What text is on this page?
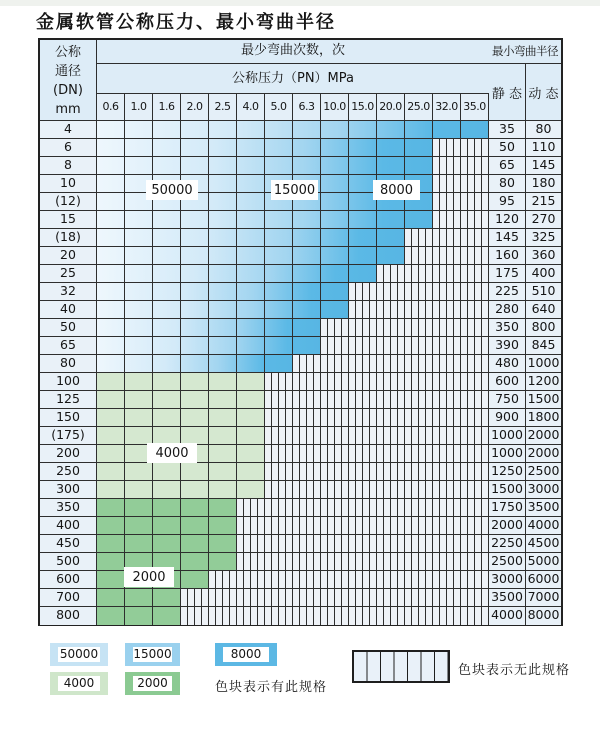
金属软管公称压力、最小弯曲半径
公称
通径
(DN)
mm
最少弯曲次数，次
公称压力（PN）MPa
0.6	1.0	1.6	2.0	2.5	4.0	5.0	6.3 10.0 15.0 20.0 25.0 32.0 35.0
最小弯曲半径
静 态 动 态
4	35	80
6	50	110
8	65	145
10	80	180
(12)	95	215
15	120	270
(18)	145	325
20	160	360
25	175	400
32	225	510
40	280	640
50	350	800
65	390	845
80	480 1000
100	600 1200
125	750 1500
150	900 1800
(175)	1000 2000
200	1000 2000
250	1250 2500
300	1500 3000
350	1750 3500
400	2000 4000
450	2250 4500
500	2500 5000
600	3000 6000
700	3500 7000
800	4000 8000
50000	15000	8000
4000
2000
50000	15000	8000
4000	2000	色块表示有此规格
色块表示无此规格
